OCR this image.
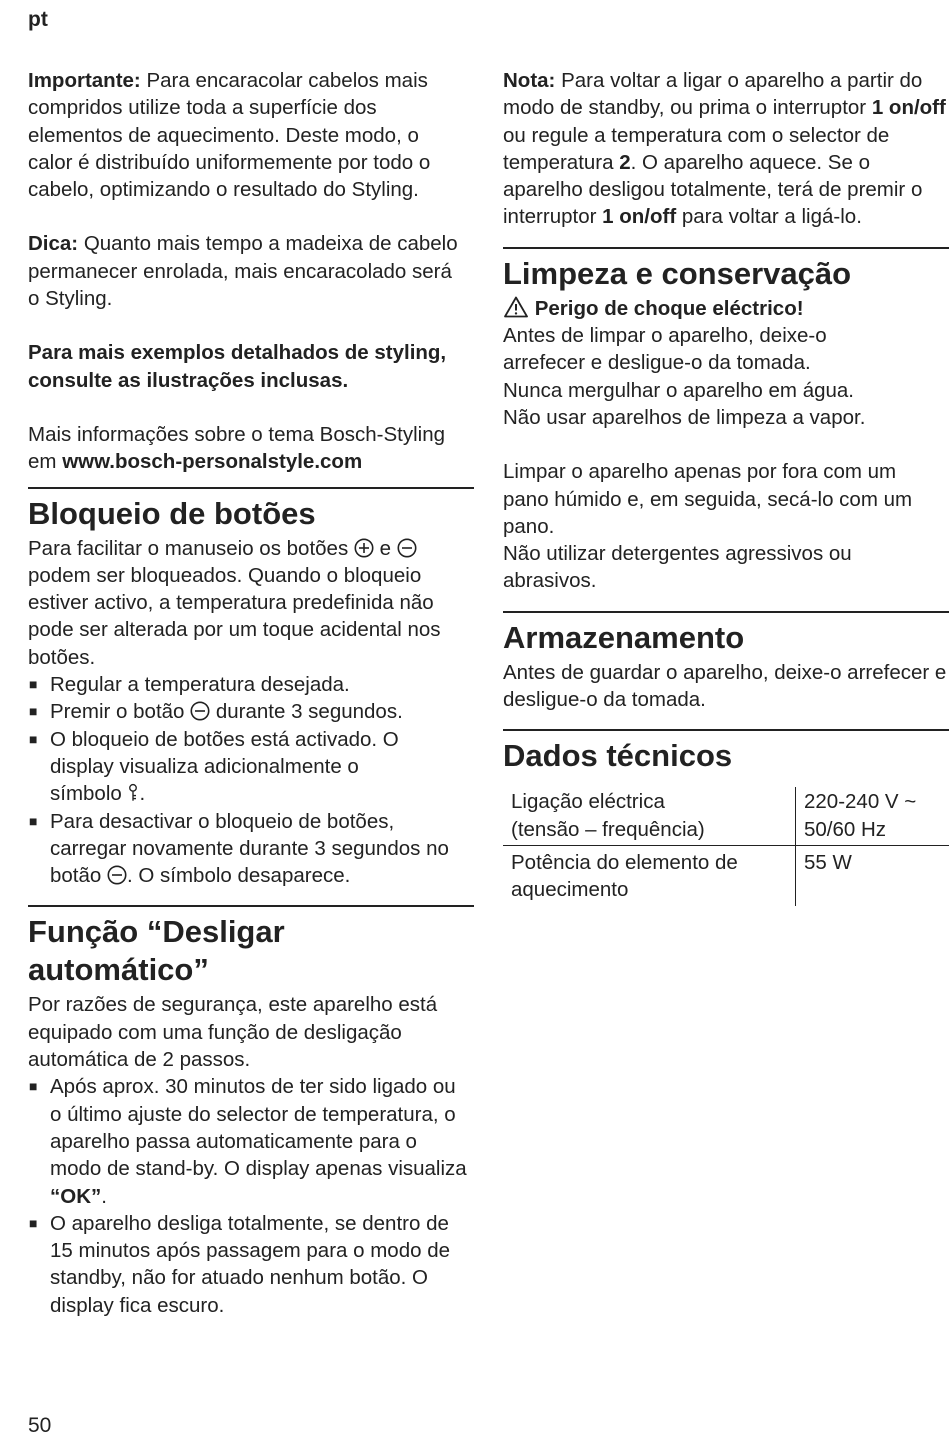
pt

Importante: Para encaracolar cabelos mais compridos utilize toda a superfície dos elementos de aquecimento. Deste modo, o calor é distribuído uniformemente por todo o cabelo, optimizando o resultado do Styling.

Dica: Quanto mais tempo a madeixa de cabelo permanecer enrolada, mais encaracolado será o Styling.

Para mais exemplos detalhados de styling, consulte as ilustrações inclusas.

Mais informações sobre o tema Bosch-Styling em www.bosch-personalstyle.com

Bloqueio de botões

Para facilitar o manuseio os botões  e  podem ser bloqueados. Quando o bloqueio estiver activo, a temperatura predefinida não pode ser alterada por um toque acidental nos botões.

■ Regular a temperatura desejada.
■ Premir o botão  durante 3 segundos.
■ O bloqueio de botões está activado. O display visualiza adicionalmente o símbolo .
■ Para desactivar o bloqueio de botões, carregar novamente durante 3 segundos no botão . O símbolo desaparece.
Função “Desligar automático”

Por razões de segurança, este aparelho está equipado com uma função de desligação automática de 2 passos.

■ Após aprox. 30 minutos de ter sido ligado ou o último ajuste do selector de temperatura, o aparelho passa automaticamente para o modo de stand-by. O display apenas visualiza “OK”.
■ O aparelho desliga totalmente, se dentro de 15 minutos após passagem para o modo de standby, não for atuado nenhum botão. O display fica escuro.

Nota: Para voltar a ligar o aparelho a partir do modo de standby, ou prima o interruptor 1 on/off ou regule a temperatura com o selector de temperatura 2. O aparelho aquece. Se o aparelho desligou totalmente, terá de premir o interruptor 1 on/off para voltar a ligá-lo.

Limpeza e conservação
Perigo de choque eléctrico!

Antes de limpar o aparelho, deixe-o arrefecer e desligue-o da tomada.

Nunca mergulhar o aparelho em água.

Não usar aparelhos de limpeza a vapor.

Limpar o aparelho apenas por fora com um pano húmido e, em seguida, secá-lo com um pano.

Não utilizar detergentes agressivos ou abrasivos.

Armazenamento

Antes de guardar o aparelho, deixe-o arrefecer e desligue-o da tomada.

Dados técnicos
Ligação eléctrica
(tensão – frequência)	220-240 V ~
50/60 Hz
Potência do elemento de
aquecimento	55 W
50
